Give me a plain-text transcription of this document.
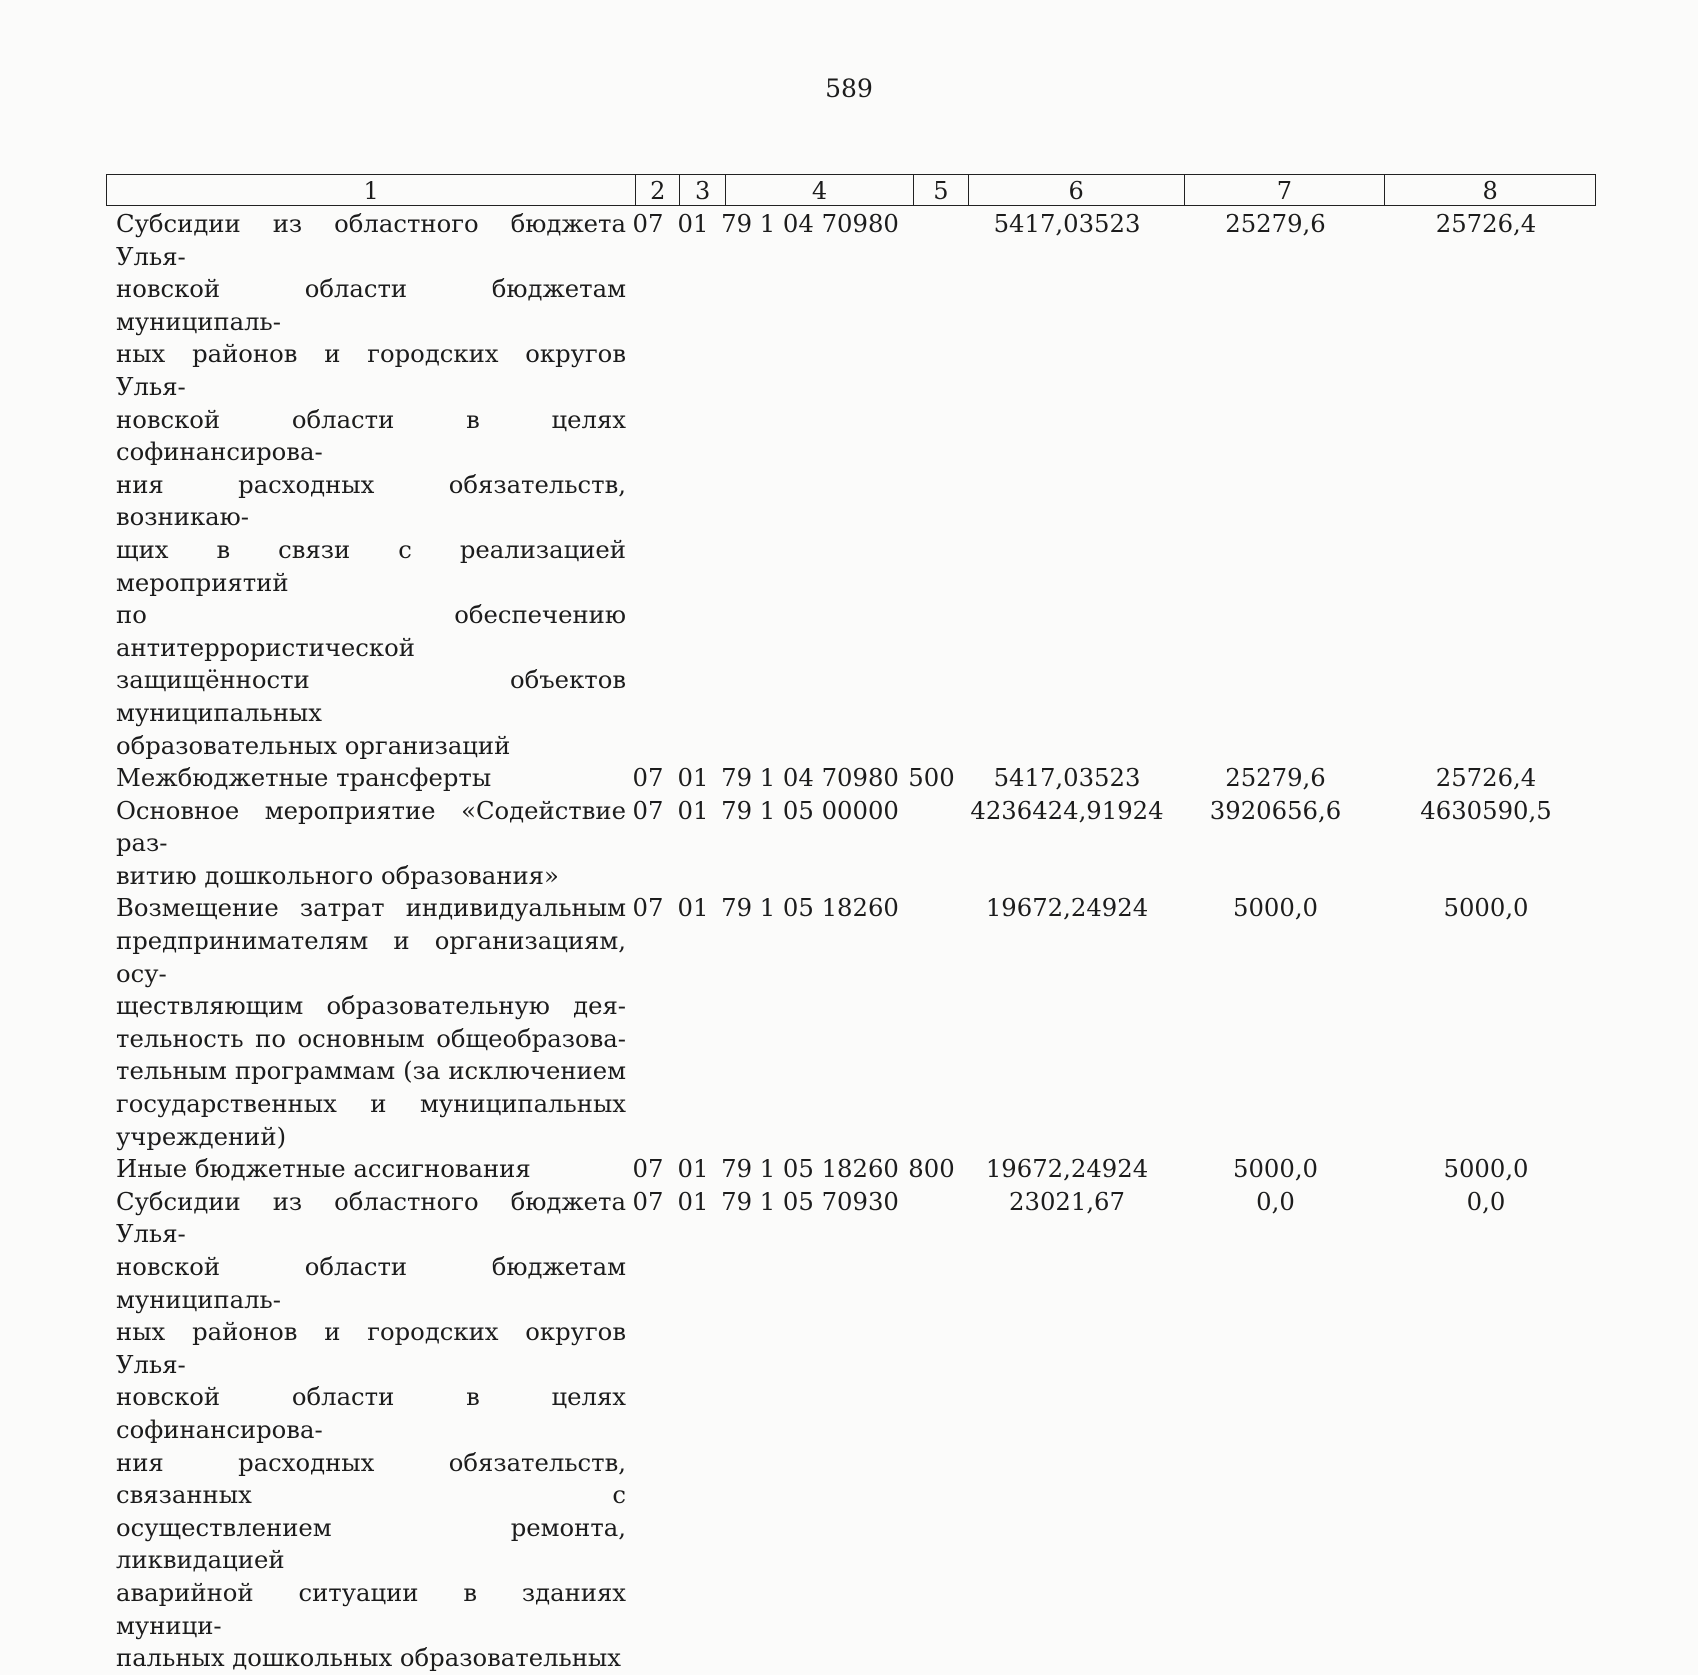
589
1	2	3	4	5	6	7	8
Субсидии из областного бюджета Улья-
новской области бюджетам муниципаль-
ных районов и городских округов Улья-
новской области в целях софинансирова-
ния расходных обязательств, возникаю-
щих в связи с реализацией мероприятий
по обеспечению антитеррористической
защищённости объектов муниципальных
образовательных организаций
07 01 79 1 04 70980	5417,03523	25279,6	25726,4
Межбюджетные трансферты	07 01 79 1 04 70980 500	5417,03523	25279,6	25726,4
Основное мероприятие «Содействие раз-
витию дошкольного образования»
07 01 79 1 05 00000	4236424,91924	3920656,6	4630590,5
Возмещение затрат индивидуальным
предпринимателям и организациям, осу-
ществляющим образовательную дея-
тельность по основным общеобразова-
тельным программам (за исключением
государственных и муниципальных
учреждений)
07 01 79 1 05 18260	19672,24924	5000,0	5000,0
Иные бюджетные ассигнования	07 01 79 1 05 18260 800	19672,24924	5000,0	5000,0
Субсидии из областного бюджета Улья-
новской области бюджетам муниципаль-
ных районов и городских округов Улья-
новской области в целях софинансирова-
ния расходных обязательств, связанных с
осуществлением ремонта, ликвидацией
аварийной ситуации в зданиях муници-
пальных дошкольных образовательных
07 01 79 1 05 70930	23021,67	0,0	0,0
